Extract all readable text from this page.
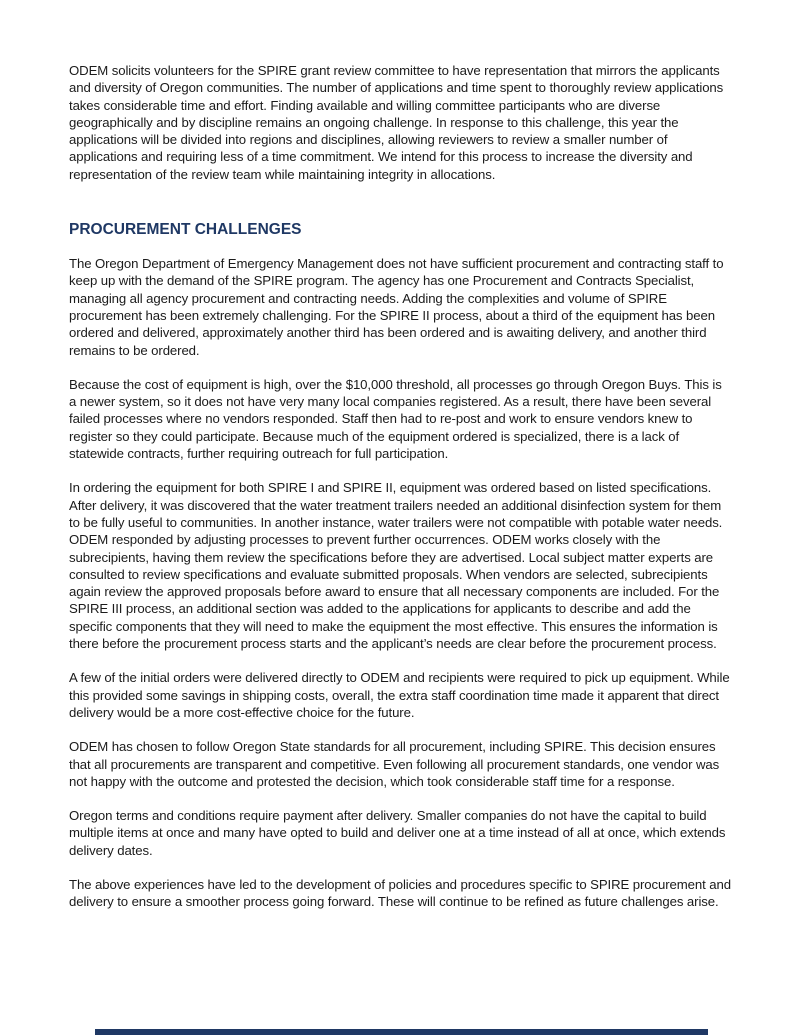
ODEM solicits volunteers for the SPIRE grant review committee to have representation that mirrors the applicants and diversity of Oregon communities. The number of applications and time spent to thoroughly review applications takes considerable time and effort. Finding available and willing committee participants who are diverse geographically and by discipline remains an ongoing challenge. In response to this challenge, this year the applications will be divided into regions and disciplines, allowing reviewers to review a smaller number of applications and requiring less of a time commitment. We intend for this process to increase the diversity and representation of the review team while maintaining integrity in allocations.

PROCUREMENT CHALLENGES

The Oregon Department of Emergency Management does not have sufficient procurement and contracting staff to keep up with the demand of the SPIRE program. The agency has one Procurement and Contracts Specialist, managing all agency procurement and contracting needs. Adding the complexities and volume of SPIRE procurement has been extremely challenging. For the SPIRE II process, about a third of the equipment has been ordered and delivered, approximately another third has been ordered and is awaiting delivery, and another third remains to be ordered.

Because the cost of equipment is high, over the $10,000 threshold, all processes go through Oregon Buys. This is a newer system, so it does not have very many local companies registered. As a result, there have been several failed processes where no vendors responded. Staff then had to re-post and work to ensure vendors knew to register so they could participate. Because much of the equipment ordered is specialized, there is a lack of statewide contracts, further requiring outreach for full participation.

In ordering the equipment for both SPIRE I and SPIRE II, equipment was ordered based on listed specifications. After delivery, it was discovered that the water treatment trailers needed an additional disinfection system for them to be fully useful to communities. In another instance, water trailers were not compatible with potable water needs. ODEM responded by adjusting processes to prevent further occurrences. ODEM works closely with the subrecipients, having them review the specifications before they are advertised. Local subject matter experts are consulted to review specifications and evaluate submitted proposals. When vendors are selected, subrecipients again review the approved proposals before award to ensure that all necessary components are included. For the SPIRE III process, an additional section was added to the applications for applicants to describe and add the specific components that they will need to make the equipment the most effective. This ensures the information is there before the procurement process starts and the applicant’s needs are clear before the procurement process.

A few of the initial orders were delivered directly to ODEM and recipients were required to pick up equipment. While this provided some savings in shipping costs, overall, the extra staff coordination time made it apparent that direct delivery would be a more cost-effective choice for the future.

ODEM has chosen to follow Oregon State standards for all procurement, including SPIRE. This decision ensures that all procurements are transparent and competitive. Even following all procurement standards, one vendor was not happy with the outcome and protested the decision, which took considerable staff time for a response.

Oregon terms and conditions require payment after delivery. Smaller companies do not have the capital to build multiple items at once and many have opted to build and deliver one at a time instead of all at once, which extends delivery dates.

The above experiences have led to the development of policies and procedures specific to SPIRE procurement and delivery to ensure a smoother process going forward. These will continue to be refined as future challenges arise.
